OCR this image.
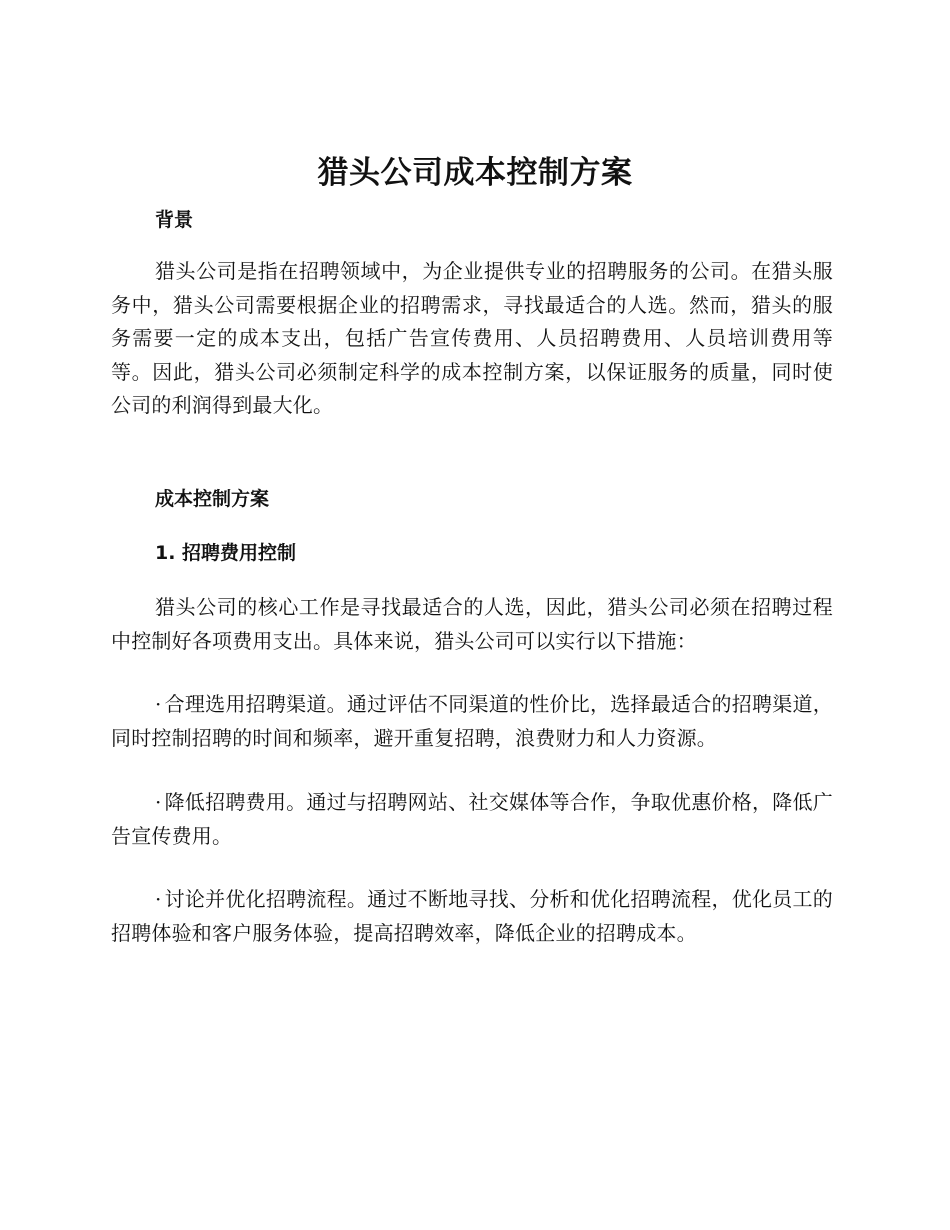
猎头公司成本控制方案
背景

猎头公司是指在招聘领域中，为企业提供专业的招聘服务的公司。在猎头服务中，猎头公司需要根据企业的招聘需求，寻找最适合的人选。然而，猎头的服务需要一定的成本支出，包括广告宣传费用、人员招聘费用、人员培训费用等等。因此，猎头公司必须制定科学的成本控制方案，以保证服务的质量，同时使公司的利润得到最大化。

成本控制方案
1. 招聘费用控制

猎头公司的核心工作是寻找最适合的人选，因此，猎头公司必须在招聘过程中控制好各项费用支出。具体来说，猎头公司可以实行以下措施：

· 合理选用招聘渠道。通过评估不同渠道的性价比，选择最适合的招聘渠道，同时控制招聘的时间和频率，避开重复招聘，浪费财力和人力资源。

· 降低招聘费用。通过与招聘网站、社交媒体等合作，争取优惠价格，降低广告宣传费用。

· 讨论并优化招聘流程。通过不断地寻找、分析和优化招聘流程，优化员工的招聘体验和客户服务体验，提高招聘效率，降低企业的招聘成本。
